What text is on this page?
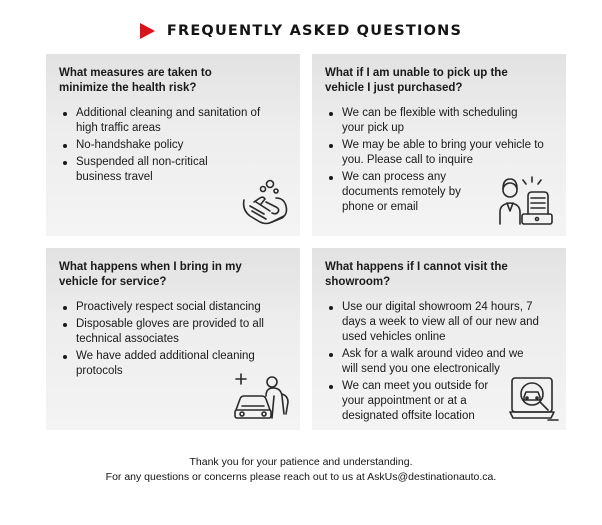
FREQUENTLY ASKED QUESTIONS

What measures are taken to minimize the health risk?

Additional cleaning and sanitation of high traffic areas
No-handshake policy
Suspended all non-critical business travel

What if I am unable to pick up the vehicle I just purchased?

We can be flexible with scheduling your pick up
We may be able to bring your vehicle to you. Please call to inquire
We can process any documents remotely by phone or email

What happens when I bring in my vehicle for service?

Proactively respect social distancing
Disposable gloves are provided to all technical associates
We have added additional cleaning protocols

What happens if I cannot visit the showroom?

Use our digital showroom 24 hours, 7 days a week to view all of our new and used vehicles online
Ask for a walk around video and we will send you one electronically
We can meet you outside for your appointment or at a designated offsite location
Thank you for your patience and understanding.
For any questions or concerns please reach out to us at AskUs@destinationauto.ca.
